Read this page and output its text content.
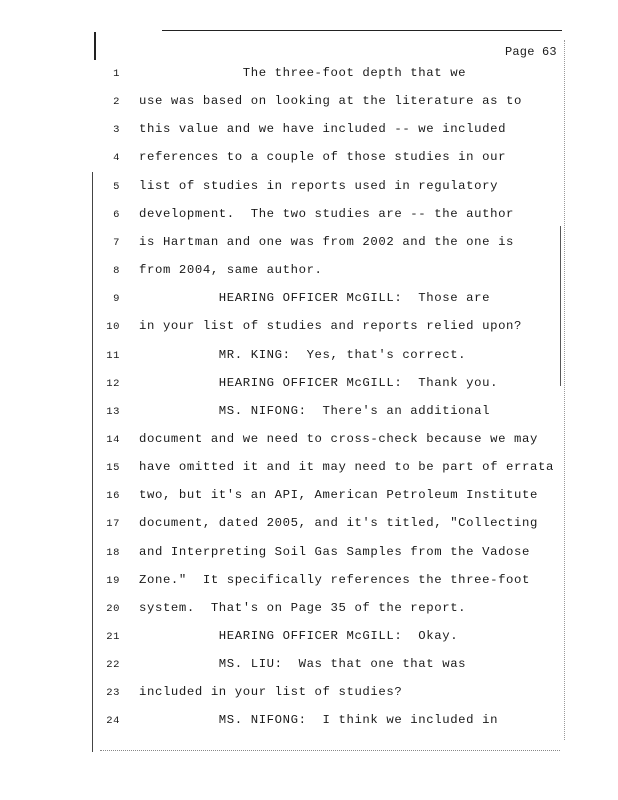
Page 63
1 The three-foot depth that we
2 use was based on looking at the literature as to
3 this value and we have included -- we included
4 references to a couple of those studies in our
5 list of studies in reports used in regulatory
6 development.  The two studies are -- the author
7 is Hartman and one was from 2002 and the one is
8 from 2004, same author.
9 HEARING OFFICER McGILL:  Those are
10 in your list of studies and reports relied upon?
11 MR. KING:  Yes, that's correct.
12 HEARING OFFICER McGILL:  Thank you.
13 MS. NIFONG:  There's an additional
14 document and we need to cross-check because we may
15 have omitted it and it may need to be part of errata
16 two, but it's an API, American Petroleum Institute
17 document, dated 2005, and it's titled, "Collecting
18 and Interpreting Soil Gas Samples from the Vadose
19 Zone."  It specifically references the three-foot
20 system.  That's on Page 35 of the report.
21 HEARING OFFICER McGILL:  Okay.
22 MS. LIU:  Was that one that was
23 included in your list of studies?
24 MS. NIFONG:  I think we included in
